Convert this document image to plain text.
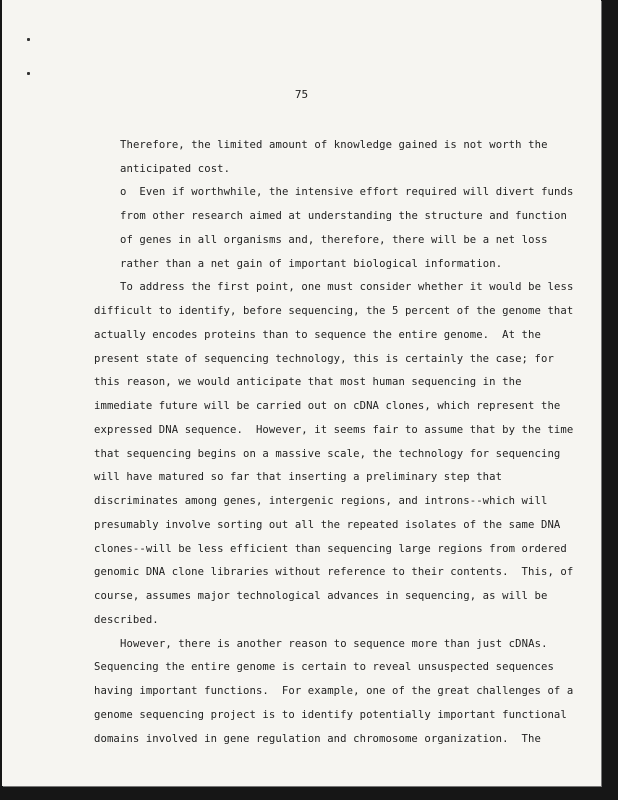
75
Therefore, the limited amount of knowledge gained is not worth the
anticipated cost.
o  Even if worthwhile, the intensive effort required will divert funds
from other research aimed at understanding the structure and function
of genes in all organisms and, therefore, there will be a net loss
rather than a net gain of important biological information.
To address the first point, one must consider whether it would be less
difficult to identify, before sequencing, the 5 percent of the genome that
actually encodes proteins than to sequence the entire genome.  At the
present state of sequencing technology, this is certainly the case; for
this reason, we would anticipate that most human sequencing in the
immediate future will be carried out on cDNA clones, which represent the
expressed DNA sequence.  However, it seems fair to assume that by the time
that sequencing begins on a massive scale, the technology for sequencing
will have matured so far that inserting a preliminary step that
discriminates among genes, intergenic regions, and introns--which will
presumably involve sorting out all the repeated isolates of the same DNA
clones--will be less efficient than sequencing large regions from ordered
genomic DNA clone libraries without reference to their contents.  This, of
course, assumes major technological advances in sequencing, as will be
described.
However, there is another reason to sequence more than just cDNAs.
Sequencing the entire genome is certain to reveal unsuspected sequences
having important functions.  For example, one of the great challenges of a
genome sequencing project is to identify potentially important functional
domains involved in gene regulation and chromosome organization.  The
